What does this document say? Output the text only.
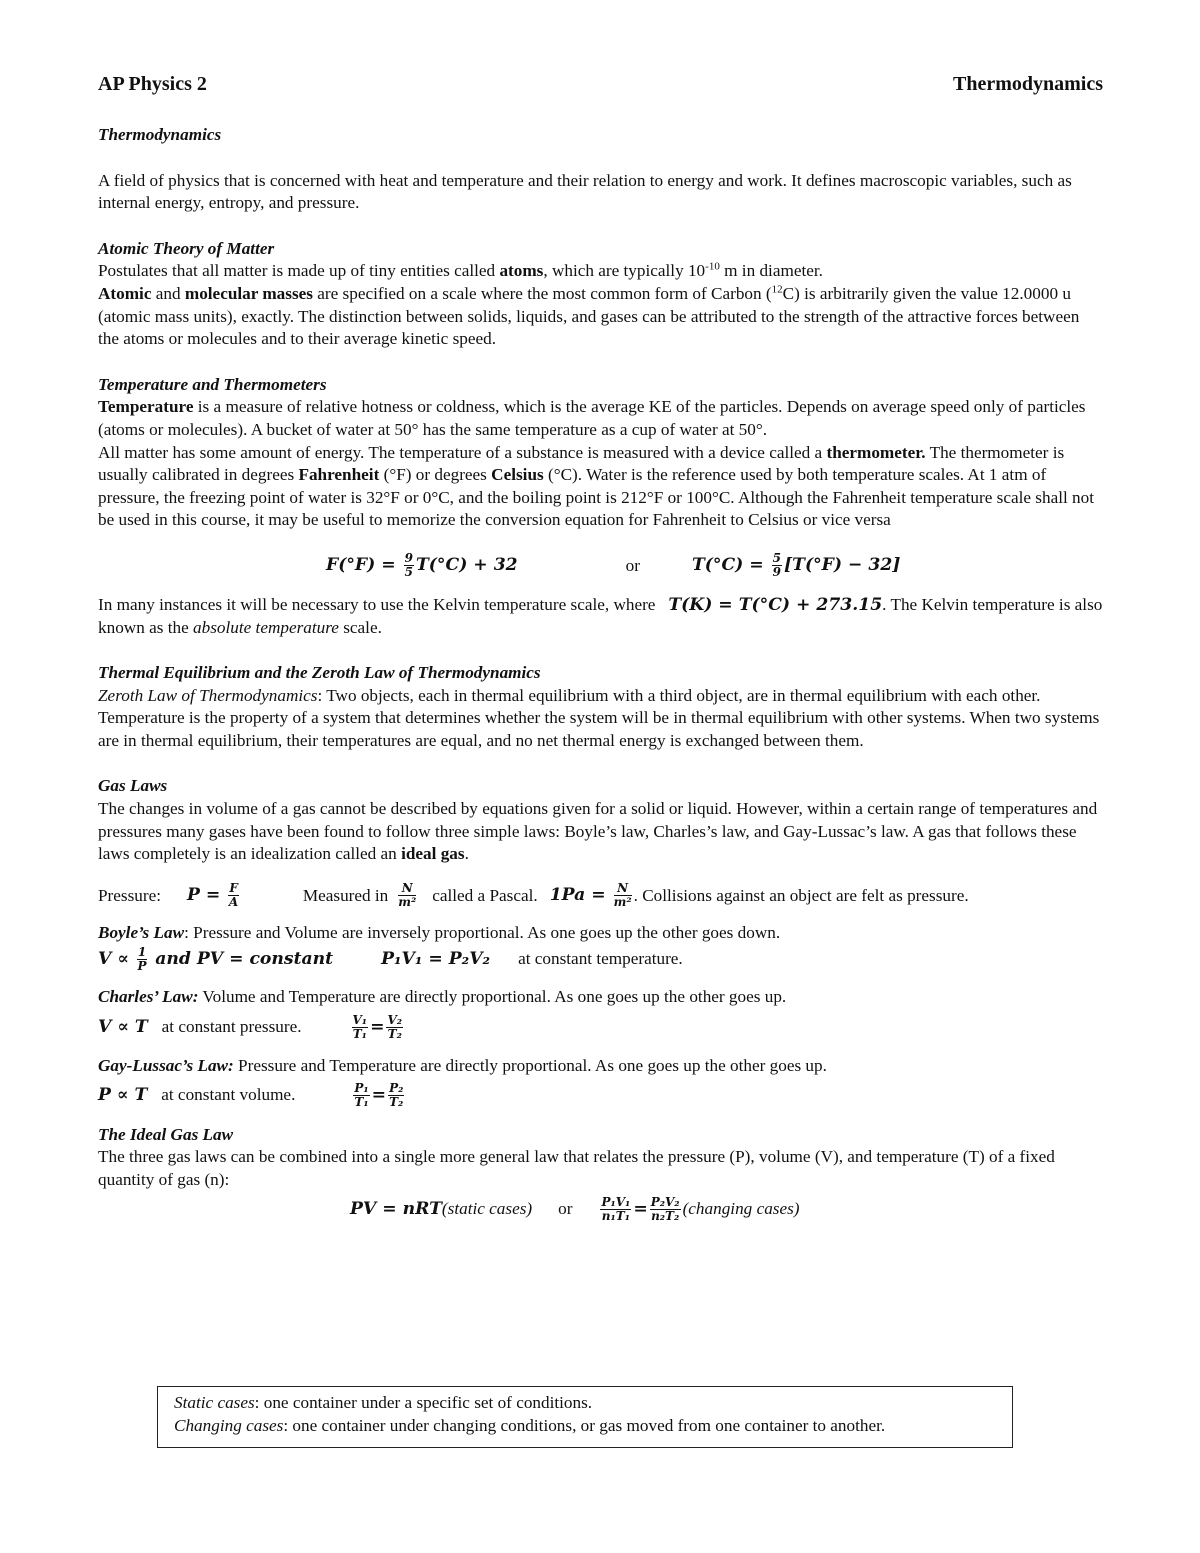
AP Physics 2	Thermodynamics

Thermodynamics

A field of physics that is concerned with heat and temperature and their relation to energy and work. It defines macroscopic variables, such as internal energy, entropy, and pressure.

Atomic Theory of Matter

Postulates that all matter is made up of tiny entities called atoms, which are typically $10^{-10}$ m in diameter.

Atomic and molecular masses are specified on a scale where the most common form of Carbon ($^{12}$C) is arbitrarily given the value 12.0000 u (atomic mass units), exactly. The distinction between solids, liquids, and gases can be attributed to the strength of the attractive forces between the atoms or molecules and to their average kinetic speed.

Temperature and Thermometers

Temperature is a measure of relative hotness or coldness, which is the average KE of the particles. Depends on average speed only of particles (atoms or molecules). A bucket of water at 50° has the same temperature as a cup of water at 50°.

All matter has some amount of energy. The temperature of a substance is measured with a device called a thermometer. The thermometer is usually calibrated in degrees Fahrenheit (°F) or degrees Celsius (°C). Water is the reference used by both temperature scales. At 1 atm of pressure, the freezing point of water is 32°F or 0°C, and the boiling point is 212°F or 100°C. Although the Fahrenheit temperature scale shall not be used in this course, it may be useful to memorize the conversion equation for Fahrenheit to Celsius or vice versa

$F(^\circ F) = \frac{9}{5} T(^\circ C) + 32$	or	$T(^\circ C) = \frac{5}{9} [T(^\circ F) - 32]$

In many instances it will be necessary to use the Kelvin temperature scale, where   T(K) = T(°C) + 273.15. The Kelvin temperature is also known as the absolute temperature scale.

Thermal Equilibrium and the Zeroth Law of Thermodynamics

Zeroth Law of Thermodynamics: Two objects, each in thermal equilibrium with a third object, are in thermal equilibrium with each other. Temperature is the property of a system that determines whether the system will be in thermal equilibrium with other systems. When two systems are in thermal equilibrium, their temperatures are equal, and no net thermal energy is exchanged between them.

Gas Laws

The changes in volume of a gas cannot be described by equations given for a solid or liquid. However, within a certain range of temperatures and pressures many gases have been found to follow three simple laws: Boyle’s law, Charles’s law, and Gay-Lussac’s law. A gas that follows these laws completely is an idealization called an ideal gas.

Pressure: $P = \frac{F}{A}$	Measured in $\frac{N}{\text{m²}}$ called a Pascal. $1Pa = \frac{N}{\text{m²}}$ . Collisions against an object are felt as pressure.

Boyle’s Law: Pressure and Volume are inversely proportional. As one goes up the other goes down.

$V \propto \frac{1}{P}$ and PV = constant	P₁V₁ = P₂V₂ at constant temperature.

Charles’ Law: Volume and Temperature are directly proportional. As one goes up the other goes up.

V ∝ T at constant pressure.	$\frac{\text{V₁}}{\text{T₁}} = \frac{\text{V₂}}{\text{T₂}}$

Gay-Lussac’s Law: Pressure and Temperature are directly proportional. As one goes up the other goes up.

P ∝ T at constant volume.	$\frac{\text{P₁}}{\text{T₁}} = \frac{\text{P₂}}{\text{T₂}}$

The Ideal Gas Law

The three gas laws can be combined into a single more general law that relates the pressure (P), volume (V), and temperature (T) of a fixed quantity of gas (n):

PV = nRT (static cases) or $\frac{\text{P₁V₁}}{\text{n₁T₁}} = \frac{\text{P₂V₂}}{\text{n₂T₂}}$ (changing cases)

Static cases: one container under a specific set of conditions.

Changing cases: one container under changing conditions, or gas moved from one container to another.
